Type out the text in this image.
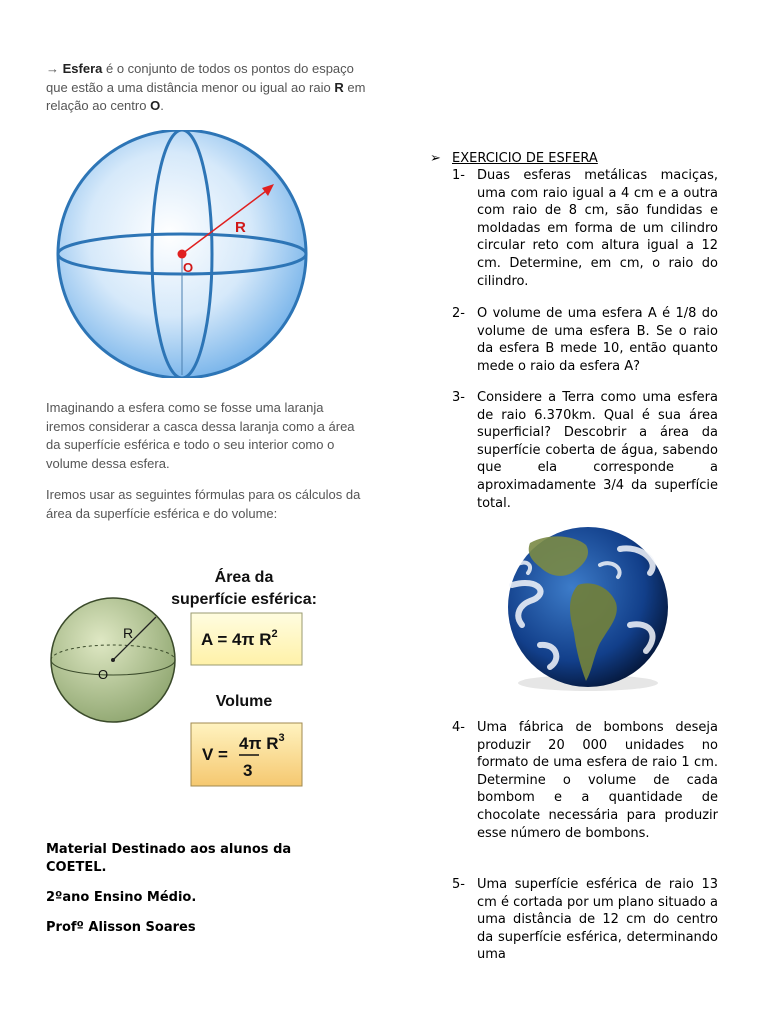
→ Esfera é o conjunto de todos os pontos do espaço que estão a uma distância menor ou igual ao raio R em relação ao centro O.

R
O

Imaginando a esfera como se fosse uma laranja iremos considerar a casca dessa laranja como a área da superfície esférica e todo o seu interior como o volume dessa esfera.

Iremos usar as seguintes fórmulas para os cálculos da área da superfície esférica e do volume:

Área da
superfície esférica:
R
O
A = 4π $R^2$
Volume
V =
4π $R^3$
3

Material Destinado aos alunos da COETEL.

2ºano Ensino Médio.

Profº Alisson Soares

➢ EXERCICIO DE ESFERA
1- Duas esferas metálicas maciças, uma com raio igual a 4 cm e a outra com raio de 8 cm, são fundidas e moldadas em forma de um cilindro circular reto com altura igual a 12 cm. Determine, em cm, o raio do cilindro.

2- O volume de uma esfera A é 1/8 do volume de uma esfera B. Se o raio da esfera B mede 10, então quanto mede o raio da esfera A?

3- Considere a Terra como uma esfera de raio 6.370km. Qual é sua área superficial? Descobrir a área da superfície coberta de água, sabendo que ela corresponde a aproximadamente 3/4 da superfície total.

4- Uma fábrica de bombons deseja produzir 20 000 unidades no formato de uma esfera de raio 1 cm. Determine o volume de cada bombom e a quantidade de chocolate necessária para produzir esse número de bombons.

5- Uma superfície esférica de raio 13 cm é cortada por um plano situado a uma distância de 12 cm do centro da superfície esférica, determinando uma
